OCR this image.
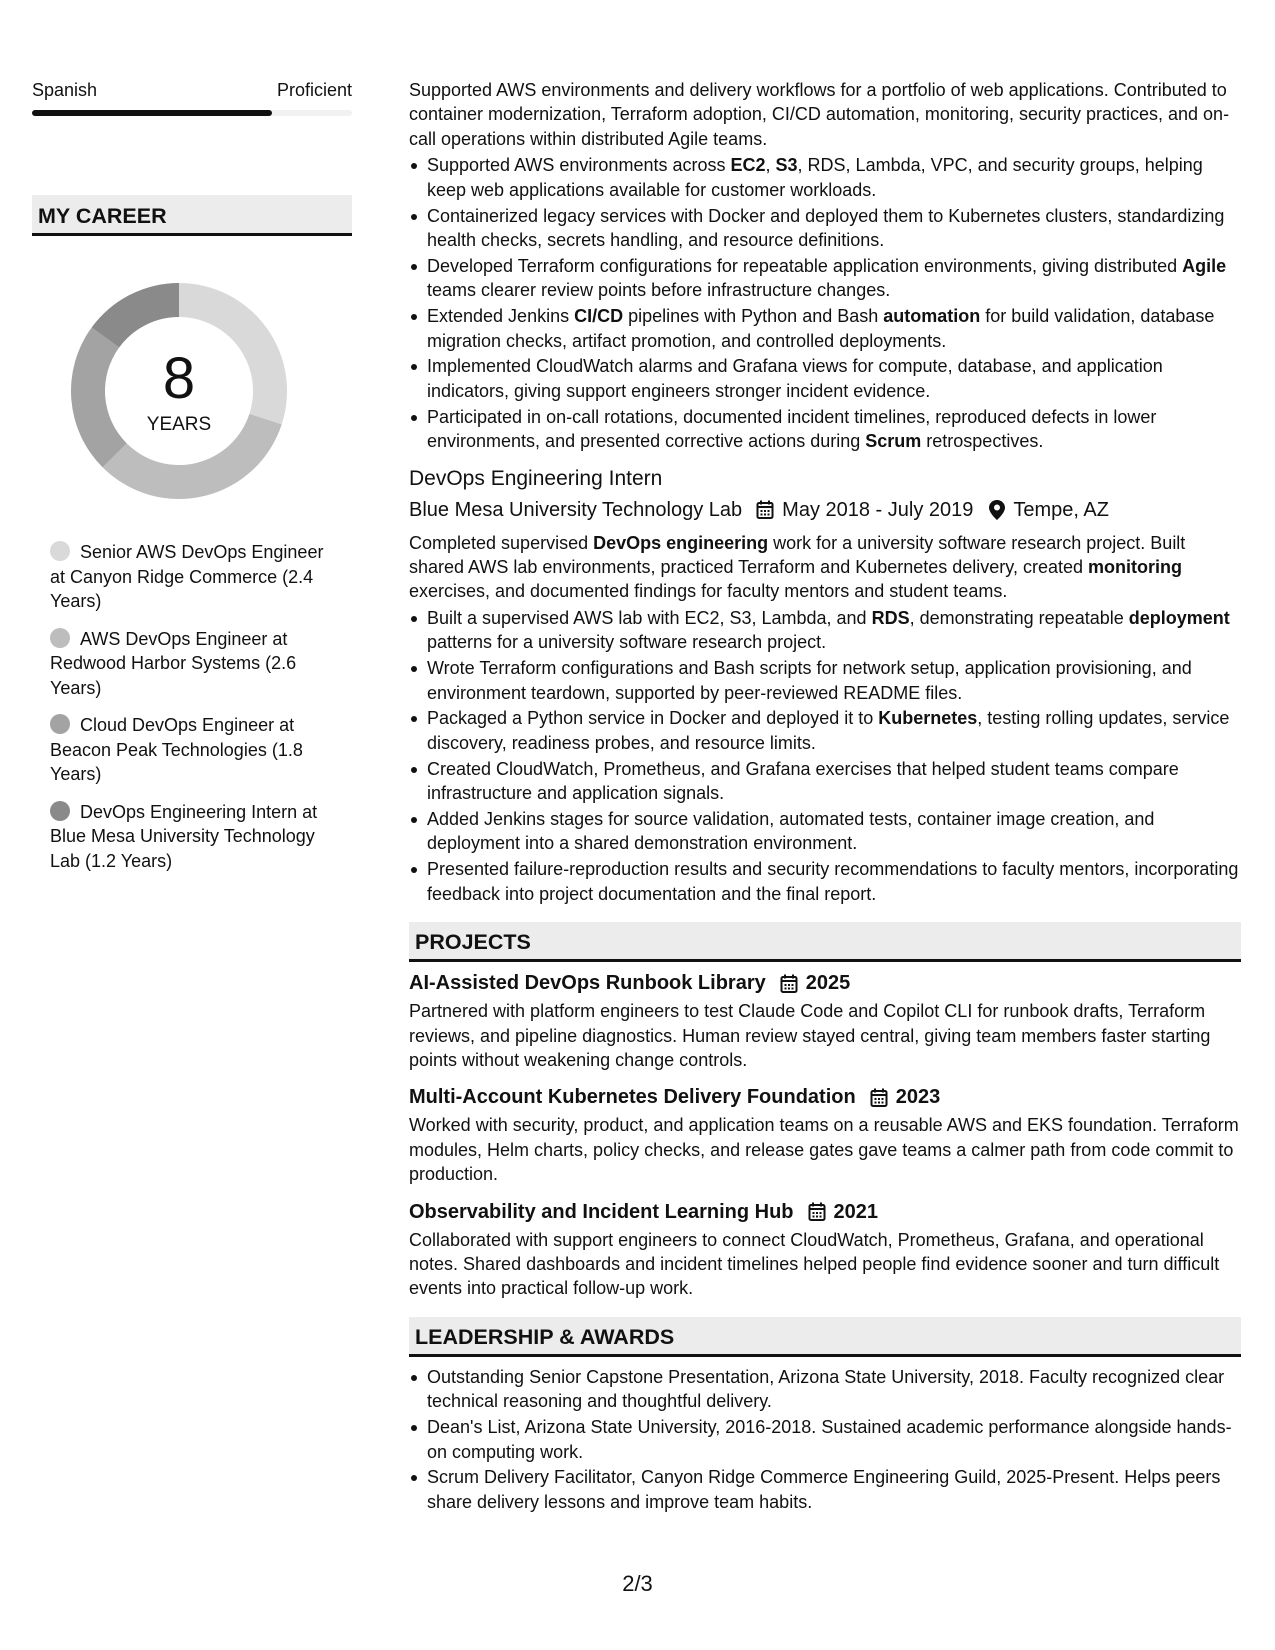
Spanish	Proficient
MY CAREER
8
YEARS
Senior AWS DevOps Engineer at Canyon Ridge Commerce (2.4 Years)
AWS DevOps Engineer at Redwood Harbor Systems (2.6 Years)
Cloud DevOps Engineer at Beacon Peak Technologies (1.8 Years)
DevOps Engineering Intern at Blue Mesa University Technology Lab (1.2 Years)
Supported AWS environments and delivery workflows for a portfolio of web applications. Contributed to container modernization, Terraform adoption, CI/CD automation, monitoring, security practices, and on-call operations within distributed Agile teams.
Supported AWS environments across EC2, S3, RDS, Lambda, VPC, and security groups, helping keep web applications available for customer workloads.
Containerized legacy services with Docker and deployed them to Kubernetes clusters, standardizing health checks, secrets handling, and resource definitions.
Developed Terraform configurations for repeatable application environments, giving distributed Agile teams clearer review points before infrastructure changes.
Extended Jenkins CI/CD pipelines with Python and Bash automation for build validation, database migration checks, artifact promotion, and controlled deployments.
Implemented CloudWatch alarms and Grafana views for compute, database, and application indicators, giving support engineers stronger incident evidence.
Participated in on-call rotations, documented incident timelines, reproduced defects in lower environments, and presented corrective actions during Scrum retrospectives.
DevOps Engineering Intern
Blue Mesa University Technology Lab May 2018 - July 2019 Tempe, AZ
Completed supervised DevOps engineering work for a university software research project. Built shared AWS lab environments, practiced Terraform and Kubernetes delivery, created monitoring exercises, and documented findings for faculty mentors and student teams.
Built a supervised AWS lab with EC2, S3, Lambda, and RDS, demonstrating repeatable deployment patterns for a university software research project.
Wrote Terraform configurations and Bash scripts for network setup, application provisioning, and environment teardown, supported by peer-reviewed README files.
Packaged a Python service in Docker and deployed it to Kubernetes, testing rolling updates, service discovery, readiness probes, and resource limits.
Created CloudWatch, Prometheus, and Grafana exercises that helped student teams compare infrastructure and application signals.
Added Jenkins stages for source validation, automated tests, container image creation, and deployment into a shared demonstration environment.
Presented failure-reproduction results and security recommendations to faculty mentors, incorporating feedback into project documentation and the final report.
PROJECTS
AI-Assisted DevOps Runbook Library 2025
Partnered with platform engineers to test Claude Code and Copilot CLI for runbook drafts, Terraform reviews, and pipeline diagnostics. Human review stayed central, giving team members faster starting points without weakening change controls.
Multi-Account Kubernetes Delivery Foundation 2023
Worked with security, product, and application teams on a reusable AWS and EKS foundation. Terraform modules, Helm charts, policy checks, and release gates gave teams a calmer path from code commit to production.
Observability and Incident Learning Hub 2021
Collaborated with support engineers to connect CloudWatch, Prometheus, Grafana, and operational notes. Shared dashboards and incident timelines helped people find evidence sooner and turn difficult events into practical follow-up work.
LEADERSHIP & AWARDS
Outstanding Senior Capstone Presentation, Arizona State University, 2018. Faculty recognized clear technical reasoning and thoughtful delivery.
Dean's List, Arizona State University, 2016-2018. Sustained academic performance alongside hands-on computing work.
Scrum Delivery Facilitator, Canyon Ridge Commerce Engineering Guild, 2025-Present. Helps peers share delivery lessons and improve team habits.
2/3
